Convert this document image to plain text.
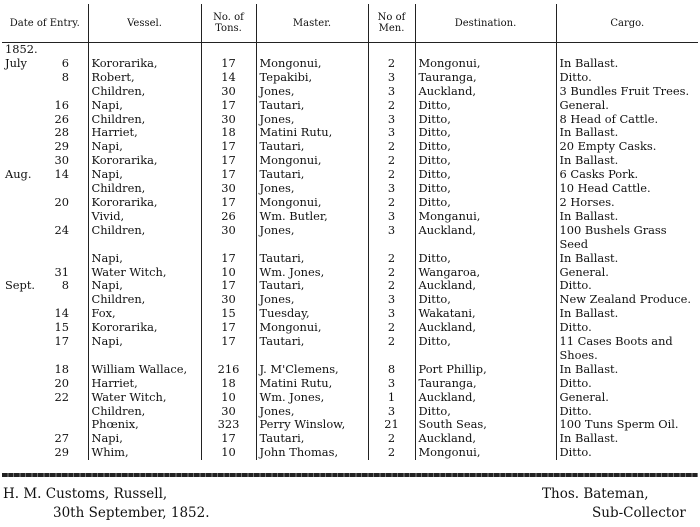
Date of Entry.	Vessel.	No. of Tons.	Master.	No of Men.	Destination.	Cargo.
1852.						
July 6	Kororarika,	17	Mongonui,	2	Mongonui,	In Ballast.
8	Robert,	14	Tepakibi,	3	Tauranga,	Ditto.
	Children,	30	Jones,	3	Auckland,	3 Bundles Fruit Trees.
16	Napi,	17	Tautari,	2	Ditto,	General.
26	Children,	30	Jones,	3	Ditto,	8 Head of Cattle.
28	Harriet,	18	Matini Rutu,	3	Ditto,	In Ballast.
29	Napi,	17	Tautari,	2	Ditto,	20 Empty Casks.
30	Kororarika,	17	Mongonui,	2	Ditto,	In Ballast.
Aug. 14	Napi,	17	Tautari,	2	Ditto,	6 Casks Pork.
	Children,	30	Jones,	3	Ditto,	10 Head Cattle.
20	Kororarika,	17	Mongonui,	2	Ditto,	2 Horses.
	Vivid,	26	Wm. Butler,	3	Monganui,	In Ballast.
24	Children,	30	Jones,	3	Auckland,	100 Bushels Grass Seed
	Napi,	17	Tautari,	2	Ditto,	In Ballast.
31	Water Witch,	10	Wm. Jones,	2	Wangaroa,	General.
Sept. 8	Napi,	17	Tautari,	2	Auckland,	Ditto.
	Children,	30	Jones,	3	Ditto,	New Zealand Produce.
14	Fox,	15	Tuesday,	3	Wakatani,	In Ballast.
15	Kororarika,	17	Mongonui,	2	Auckland,	Ditto.
17	Napi,	17	Tautari,	2	Ditto,	11 Cases Boots and Shoes.
18	William Wallace,	216	J. M'Clemens,	8	Port Phillip,	In Ballast.
20	Harriet,	18	Matini Rutu,	3	Tauranga,	Ditto.
22	Water Witch,	10	Wm. Jones,	1	Auckland,	General.
	Children,	30	Jones,	3	Ditto,	Ditto.
	Phœnix,	323	Perry Winslow,	21	South Seas,	100 Tuns Sperm Oil.
27	Napi,	17	Tautari,	2	Auckland,	In Ballast.
29	Whim,	10	John Thomas,	2	Mongonui,	Ditto.
H. M. Customs, Russell,
30th September, 1852.
Thos. Bateman,
Sub-Collector
